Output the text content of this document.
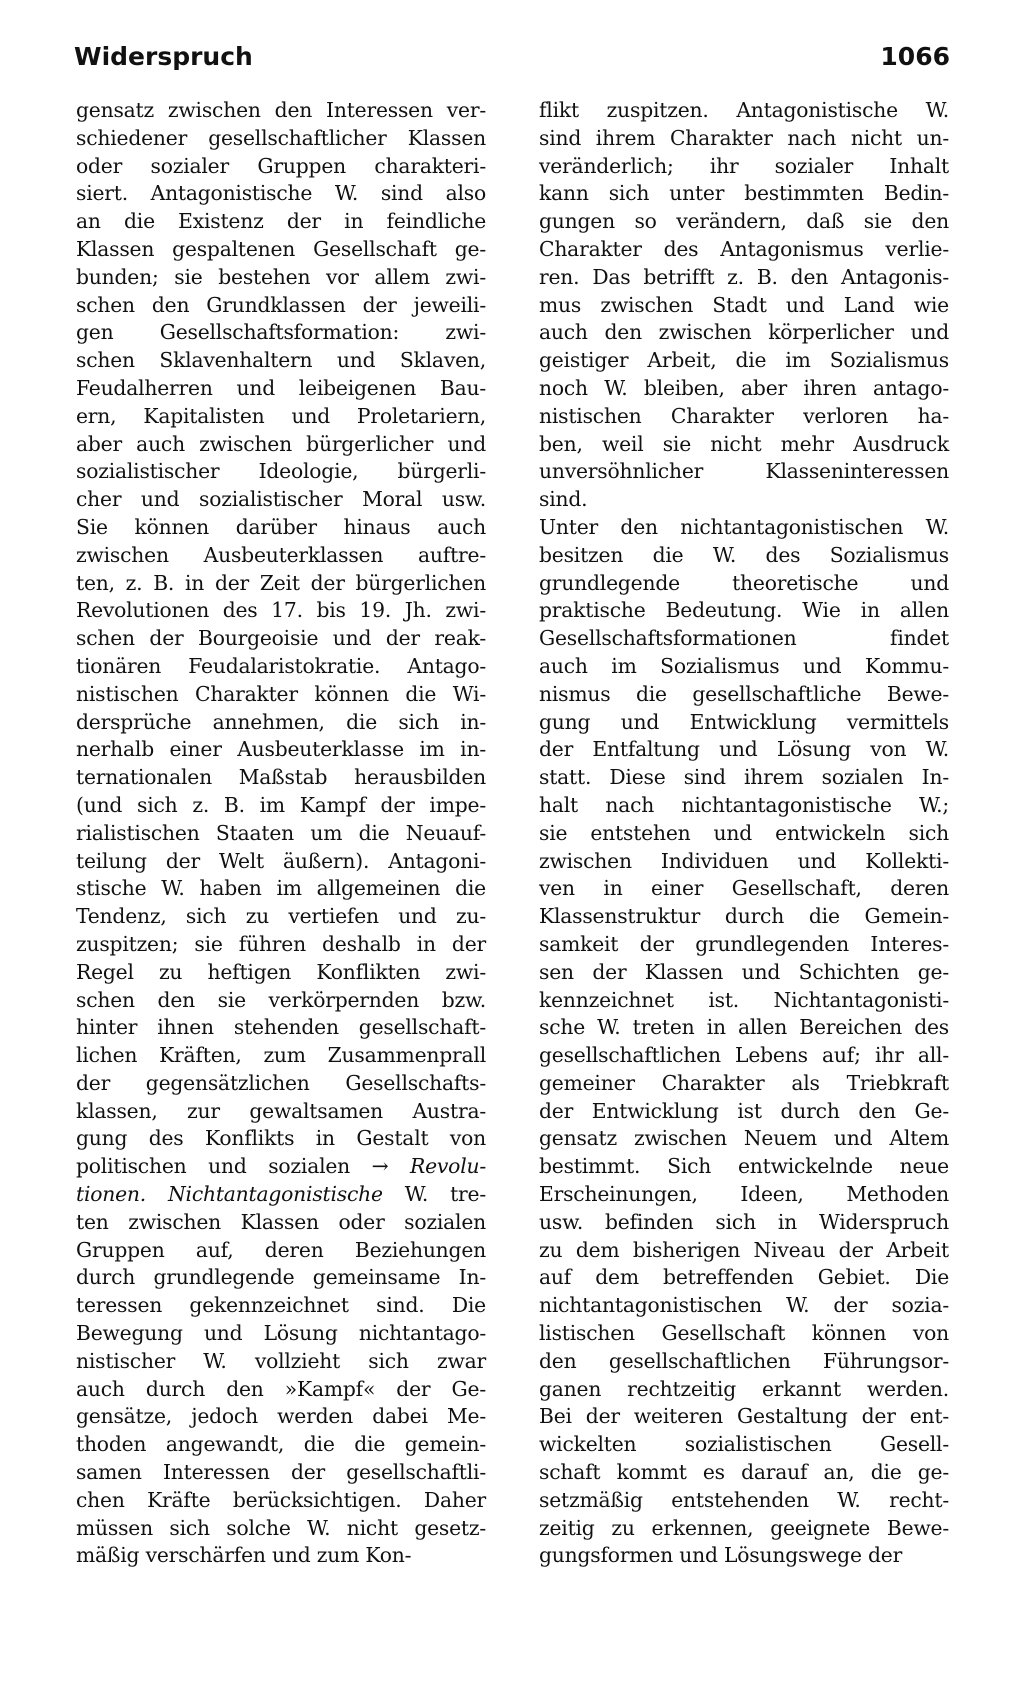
Widerspruch	1066
gensatz zwischen den Interessen ver-
schiedener gesellschaftlicher Klassen
oder sozialer Gruppen charakteri-
siert. Antagonistische W. sind also
an die Existenz der in feindliche
Klassen gespaltenen Gesellschaft ge-
bunden; sie bestehen vor allem zwi-
schen den Grundklassen der jeweili-
gen Gesellschaftsformation: zwi-
schen Sklavenhaltern und Sklaven,
Feudalherren und leibeigenen Bau-
ern, Kapitalisten und Proletariern,
aber auch zwischen bürgerlicher und
sozialistischer Ideologie, bürgerli-
cher und sozialistischer Moral usw.
Sie können darüber hinaus auch
zwischen Ausbeuterklassen auftre-
ten, z. B. in der Zeit der bürgerlichen
Revolutionen des 17. bis 19. Jh. zwi-
schen der Bourgeoisie und der reak-
tionären Feudalaristokratie. Antago-
nistischen Charakter können die Wi-
dersprüche annehmen, die sich in-
nerhalb einer Ausbeuterklasse im in-
ternationalen Maßstab herausbilden
(und sich z. B. im Kampf der impe-
rialistischen Staaten um die Neuauf-
teilung der Welt äußern). Antagoni-
stische W. haben im allgemeinen die
Tendenz, sich zu vertiefen und zu-
zuspitzen; sie führen deshalb in der
Regel zu heftigen Konflikten zwi-
schen den sie verkörpernden bzw.
hinter ihnen stehenden gesellschaft-
lichen Kräften, zum Zusammenprall
der gegensätzlichen Gesellschafts-
klassen, zur gewaltsamen Austra-
gung des Konflikts in Gestalt von
politischen und sozialen → Revolu-
tionen. Nichtantagonistische W. tre-
ten zwischen Klassen oder sozialen
Gruppen auf, deren Beziehungen
durch grundlegende gemeinsame In-
teressen gekennzeichnet sind. Die
Bewegung und Lösung nichtantago-
nistischer W. vollzieht sich zwar
auch durch den »Kampf« der Ge-
gensätze, jedoch werden dabei Me-
thoden angewandt, die die gemein-
samen Interessen der gesellschaftli-
chen Kräfte berücksichtigen. Daher
müssen sich solche W. nicht gesetz-
mäßig verschärfen und zum Kon-
flikt zuspitzen. Antagonistische W.
sind ihrem Charakter nach nicht un-
veränderlich; ihr sozialer Inhalt
kann sich unter bestimmten Bedin-
gungen so verändern, daß sie den
Charakter des Antagonismus verlie-
ren. Das betrifft z. B. den Antagonis-
mus zwischen Stadt und Land wie
auch den zwischen körperlicher und
geistiger Arbeit, die im Sozialismus
noch W. bleiben, aber ihren antago-
nistischen Charakter verloren ha-
ben, weil sie nicht mehr Ausdruck
unversöhnlicher Klasseninteressen
sind.
Unter den nichtantagonistischen W.
besitzen die W. des Sozialismus
grundlegende theoretische und
praktische Bedeutung. Wie in allen
Gesellschaftsformationen findet
auch im Sozialismus und Kommu-
nismus die gesellschaftliche Bewe-
gung und Entwicklung vermittels
der Entfaltung und Lösung von W.
statt. Diese sind ihrem sozialen In-
halt nach nichtantagonistische W.;
sie entstehen und entwickeln sich
zwischen Individuen und Kollekti-
ven in einer Gesellschaft, deren
Klassenstruktur durch die Gemein-
samkeit der grundlegenden Interes-
sen der Klassen und Schichten ge-
kennzeichnet ist. Nichtantagonisti-
sche W. treten in allen Bereichen des
gesellschaftlichen Lebens auf; ihr all-
gemeiner Charakter als Triebkraft
der Entwicklung ist durch den Ge-
gensatz zwischen Neuem und Altem
bestimmt. Sich entwickelnde neue
Erscheinungen, Ideen, Methoden
usw. befinden sich in Widerspruch
zu dem bisherigen Niveau der Arbeit
auf dem betreffenden Gebiet. Die
nichtantagonistischen W. der sozia-
listischen Gesellschaft können von
den gesellschaftlichen Führungsor-
ganen rechtzeitig erkannt werden.
Bei der weiteren Gestaltung der ent-
wickelten sozialistischen Gesell-
schaft kommt es darauf an, die ge-
setzmäßig entstehenden W. recht-
zeitig zu erkennen, geeignete Bewe-
gungsformen und Lösungswege der
